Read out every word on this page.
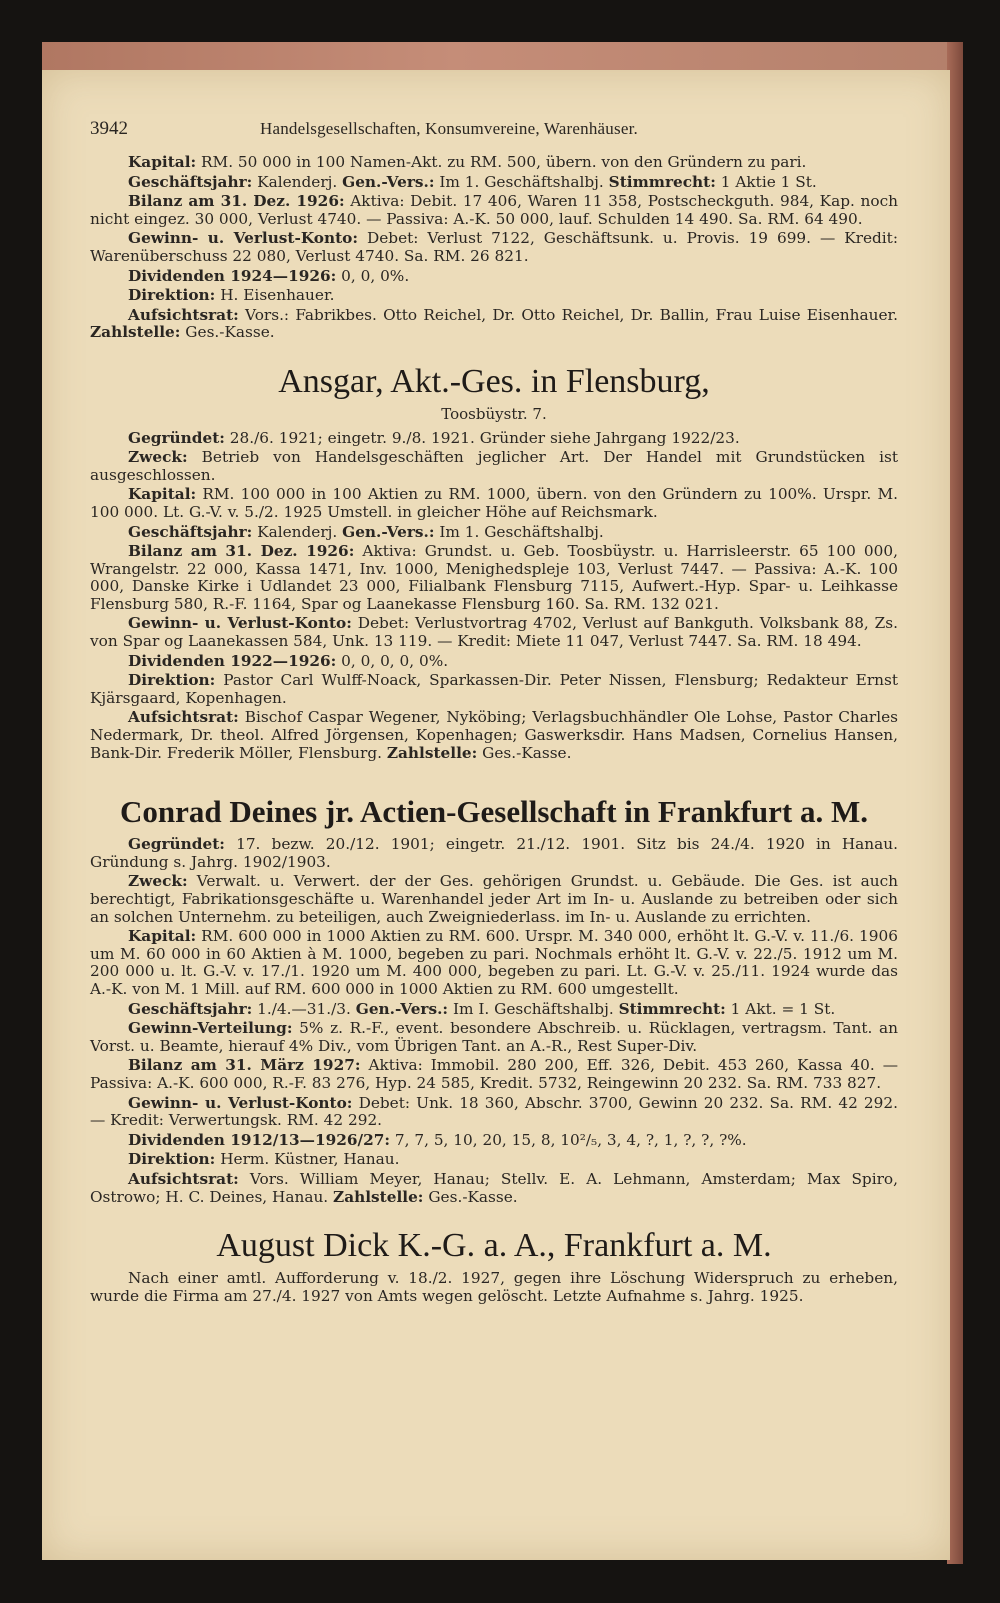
3942	Handelsgesellschaften, Konsumvereine, Warenhäuser.

Kapital: RM. 50 000 in 100 Namen-Akt. zu RM. 500, übern. von den Gründern zu pari.

Geschäftsjahr: Kalenderj. Gen.-Vers.: Im 1. Geschäftshalbj. Stimmrecht: 1 Aktie 1 St.

Bilanz am 31. Dez. 1926: Aktiva: Debit. 17 406, Waren 11 358, Postscheckguth. 984, Kap. noch nicht eingez. 30 000, Verlust 4740. — Passiva: A.-K. 50 000, lauf. Schulden 14 490. Sa. RM. 64 490.

Gewinn- u. Verlust-Konto: Debet: Verlust 7122, Geschäftsunk. u. Provis. 19 699. — Kredit: Warenüberschuss 22 080, Verlust 4740. Sa. RM. 26 821.

Dividenden 1924—1926: 0, 0, 0%.

Direktion: H. Eisenhauer.

Aufsichtsrat: Vors.: Fabrikbes. Otto Reichel, Dr. Otto Reichel, Dr. Ballin, Frau Luise Eisenhauer. Zahlstelle: Ges.-Kasse.

Ansgar, Akt.-Ges. in Flensburg,
Toosbüystr. 7.

Gegründet: 28./6. 1921; eingetr. 9./8. 1921. Gründer siehe Jahrgang 1922/23.

Zweck: Betrieb von Handelsgeschäften jeglicher Art. Der Handel mit Grundstücken ist ausgeschlossen.

Kapital: RM. 100 000 in 100 Aktien zu RM. 1000, übern. von den Gründern zu 100%. Urspr. M. 100 000. Lt. G.-V. v. 5./2. 1925 Umstell. in gleicher Höhe auf Reichsmark.

Geschäftsjahr: Kalenderj. Gen.-Vers.: Im 1. Geschäftshalbj.

Bilanz am 31. Dez. 1926: Aktiva: Grundst. u. Geb. Toosbüystr. u. Harrisleerstr. 65 100 000, Wrangelstr. 22 000, Kassa 1471, Inv. 1000, Menighedspleje 103, Verlust 7447. — Passiva: A.-K. 100 000, Danske Kirke i Udlandet 23 000, Filialbank Flensburg 7115, Aufwert.-Hyp. Spar- u. Leihkasse Flensburg 580, R.-F. 1164, Spar og Laanekasse Flensburg 160. Sa. RM. 132 021.

Gewinn- u. Verlust-Konto: Debet: Verlustvortrag 4702, Verlust auf Bankguth. Volksbank 88, Zs. von Spar og Laanekassen 584, Unk. 13 119. — Kredit: Miete 11 047, Verlust 7447. Sa. RM. 18 494.

Dividenden 1922—1926: 0, 0, 0, 0, 0%.

Direktion: Pastor Carl Wulff-Noack, Sparkassen-Dir. Peter Nissen, Flensburg; Redakteur Ernst Kjärsgaard, Kopenhagen.

Aufsichtsrat: Bischof Caspar Wegener, Nyköbing; Verlagsbuchhändler Ole Lohse, Pastor Charles Nedermark, Dr. theol. Alfred Jörgensen, Kopenhagen; Gaswerksdir. Hans Madsen, Cornelius Hansen, Bank-Dir. Frederik Möller, Flensburg. Zahlstelle: Ges.-Kasse.

Conrad Deines jr. Actien-Gesellschaft in Frankfurt a. M.

Gegründet: 17. bezw. 20./12. 1901; eingetr. 21./12. 1901. Sitz bis 24./4. 1920 in Hanau. Gründung s. Jahrg. 1902/1903.

Zweck: Verwalt. u. Verwert. der der Ges. gehörigen Grundst. u. Gebäude. Die Ges. ist auch berechtigt, Fabrikationsgeschäfte u. Warenhandel jeder Art im In- u. Auslande zu betreiben oder sich an solchen Unternehm. zu beteiligen, auch Zweigniederlass. im In- u. Auslande zu errichten.

Kapital: RM. 600 000 in 1000 Aktien zu RM. 600. Urspr. M. 340 000, erhöht lt. G.-V. v. 11./6. 1906 um M. 60 000 in 60 Aktien à M. 1000, begeben zu pari. Nochmals erhöht lt. G.-V. v. 22./5. 1912 um M. 200 000 u. lt. G.-V. v. 17./1. 1920 um M. 400 000, begeben zu pari. Lt. G.-V. v. 25./11. 1924 wurde das A.-K. von M. 1 Mill. auf RM. 600 000 in 1000 Aktien zu RM. 600 umgestellt.

Geschäftsjahr: 1./4.—31./3. Gen.-Vers.: Im I. Geschäftshalbj. Stimmrecht: 1 Akt. = 1 St.

Gewinn-Verteilung: 5% z. R.-F., event. besondere Abschreib. u. Rücklagen, vertragsm. Tant. an Vorst. u. Beamte, hierauf 4% Div., vom Übrigen Tant. an A.-R., Rest Super-Div.

Bilanz am 31. März 1927: Aktiva: Immobil. 280 200, Eff. 326, Debit. 453 260, Kassa 40. — Passiva: A.-K. 600 000, R.-F. 83 276, Hyp. 24 585, Kredit. 5732, Reingewinn 20 232. Sa. RM. 733 827.

Gewinn- u. Verlust-Konto: Debet: Unk. 18 360, Abschr. 3700, Gewinn 20 232. Sa. RM. 42 292. — Kredit: Verwertungsk. RM. 42 292.

Dividenden 1912/13—1926/27: 7, 7, 5, 10, 20, 15, 8, 10²/₅, 3, 4, ?, 1, ?, ?, ?%.

Direktion: Herm. Küstner, Hanau.

Aufsichtsrat: Vors. William Meyer, Hanau; Stellv. E. A. Lehmann, Amsterdam; Max Spiro, Ostrowo; H. C. Deines, Hanau. Zahlstelle: Ges.-Kasse.

August Dick K.-G. a. A., Frankfurt a. M.

Nach einer amtl. Aufforderung v. 18./2. 1927, gegen ihre Löschung Widerspruch zu erheben, wurde die Firma am 27./4. 1927 von Amts wegen gelöscht. Letzte Aufnahme s. Jahrg. 1925.
